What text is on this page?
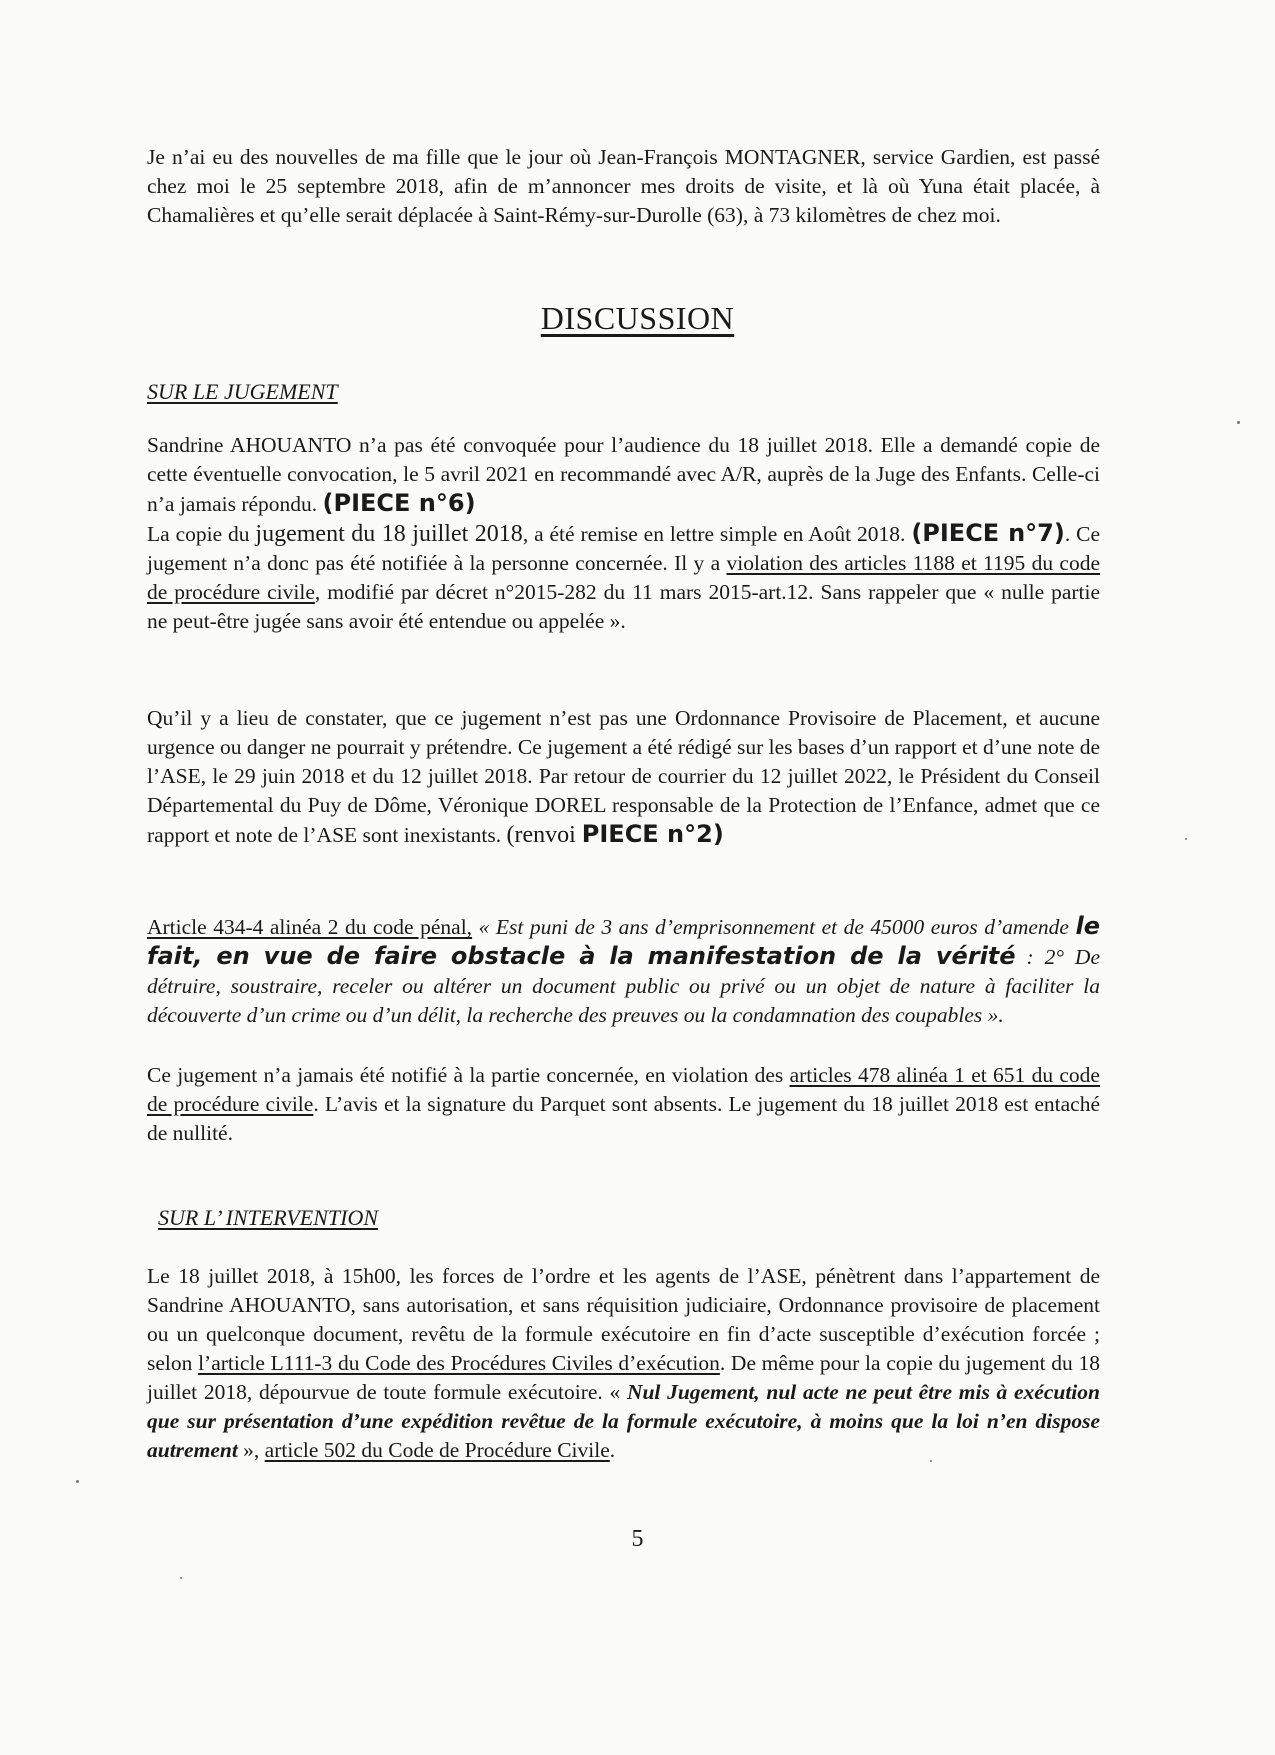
Je n’ai eu des nouvelles de ma fille que le jour où Jean-François MONTAGNER, service Gardien, est passé chez moi le 25 septembre 2018, afin de m’annoncer mes droits de visite, et là où Yuna était placée, à Chamalières et qu’elle serait déplacée à Saint-Rémy-sur-Durolle (63), à 73 kilomètres de chez moi.
DISCUSSION
SUR LE JUGEMENT
Sandrine AHOUANTO n’a pas été convoquée pour l’audience du 18 juillet 2018. Elle a demandé copie de cette éventuelle convocation, le 5 avril 2021 en recommandé avec A/R, auprès de la Juge des Enfants. Celle-ci n’a jamais répondu. (PIECE n°6)
La copie du jugement du 18 juillet 2018, a été remise en lettre simple en Août 2018. (PIECE n°7). Ce jugement n’a donc pas été notifiée à la personne concernée. Il y a violation des articles 1188 et 1195 du code de procédure civile, modifié par décret n°2015-282 du 11 mars 2015-art.12. Sans rappeler que « nulle partie ne peut-être jugée sans avoir été entendue ou appelée ».
Qu’il y a lieu de constater, que ce jugement n’est pas une Ordonnance Provisoire de Placement, et aucune urgence ou danger ne pourrait y prétendre. Ce jugement a été rédigé sur les bases d’un rapport et d’une note de l’ASE, le 29 juin 2018 et du 12 juillet 2018. Par retour de courrier du 12 juillet 2022, le Président du Conseil Départemental du Puy de Dôme, Véronique DOREL responsable de la Protection de l’Enfance, admet que ce rapport et note de l’ASE sont inexistants. (renvoi PIECE n°2)
Article 434-4 alinéa 2 du code pénal, « Est puni de 3 ans d’emprisonnement et de 45000 euros d’amende le fait, en vue de faire obstacle à la manifestation de la vérité : 2° De détruire, soustraire, receler ou altérer un document public ou privé ou un objet de nature à faciliter la découverte d’un crime ou d’un délit, la recherche des preuves ou la condamnation des coupables ».
Ce jugement n’a jamais été notifié à la partie concernée, en violation des articles 478 alinéa 1 et 651 du code de procédure civile. L’avis et la signature du Parquet sont absents. Le jugement du 18 juillet 2018 est entaché de nullité.
SUR L’ INTERVENTION
Le 18 juillet 2018, à 15h00, les forces de l’ordre et les agents de l’ASE, pénètrent dans l’appartement de Sandrine AHOUANTO, sans autorisation, et sans réquisition judiciaire, Ordonnance provisoire de placement ou un quelconque document, revêtu de la formule exécutoire en fin d’acte susceptible d’exécution forcée ; selon l’article L111-3 du Code des Procédures Civiles d’exécution. De même pour la copie du jugement du 18 juillet 2018, dépourvue de toute formule exécutoire. « Nul Jugement, nul acte ne peut être mis à exécution que sur présentation d’une expédition revêtue de la formule exécutoire, à moins que la loi n’en dispose autrement », article 502 du Code de Procédure Civile.
5
